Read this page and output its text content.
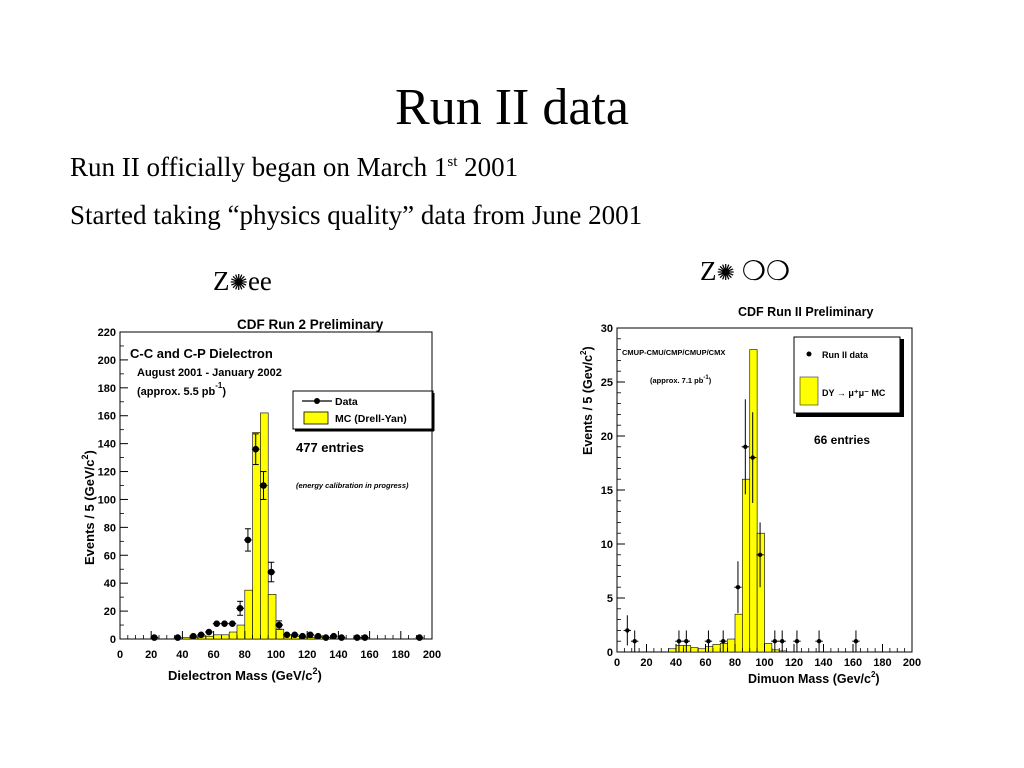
Run II data
Run II officially began on March 1st 2001
Started taking “physics quality” data from June 2001
Z✺ee	Z✺ ❍❍
CDF Run 2 Preliminary
C-C and C-P Dielectron
August 2001 - January 2002
(approx. 5.5 $pb^{-1}$)
477 entries
(energy calibration in progress)
Data
MC (Drell-Yan)
0 20 40 60 80 100 120 140 160 180 200
0
20
40
60
80
100
120
140
160
180
200
220
Dielectron Mass $(GeV/c^2)$
Events / 5 $(GeV/c^2)$
CDF Run II Preliminary
CMUP-CMU/CMP/CMUP/CMX
(approx. 7.1 $pb^{-1}$)
66 entries
Run II data
DY → μ⁺μ⁻ MC
0 20 40 60 80 100 120 140 160 180 200
0
5
10
15
20
25
30
Dimuon Mass $(Gev/c^2)$
Events / 5 $(Gev/c^2)$
